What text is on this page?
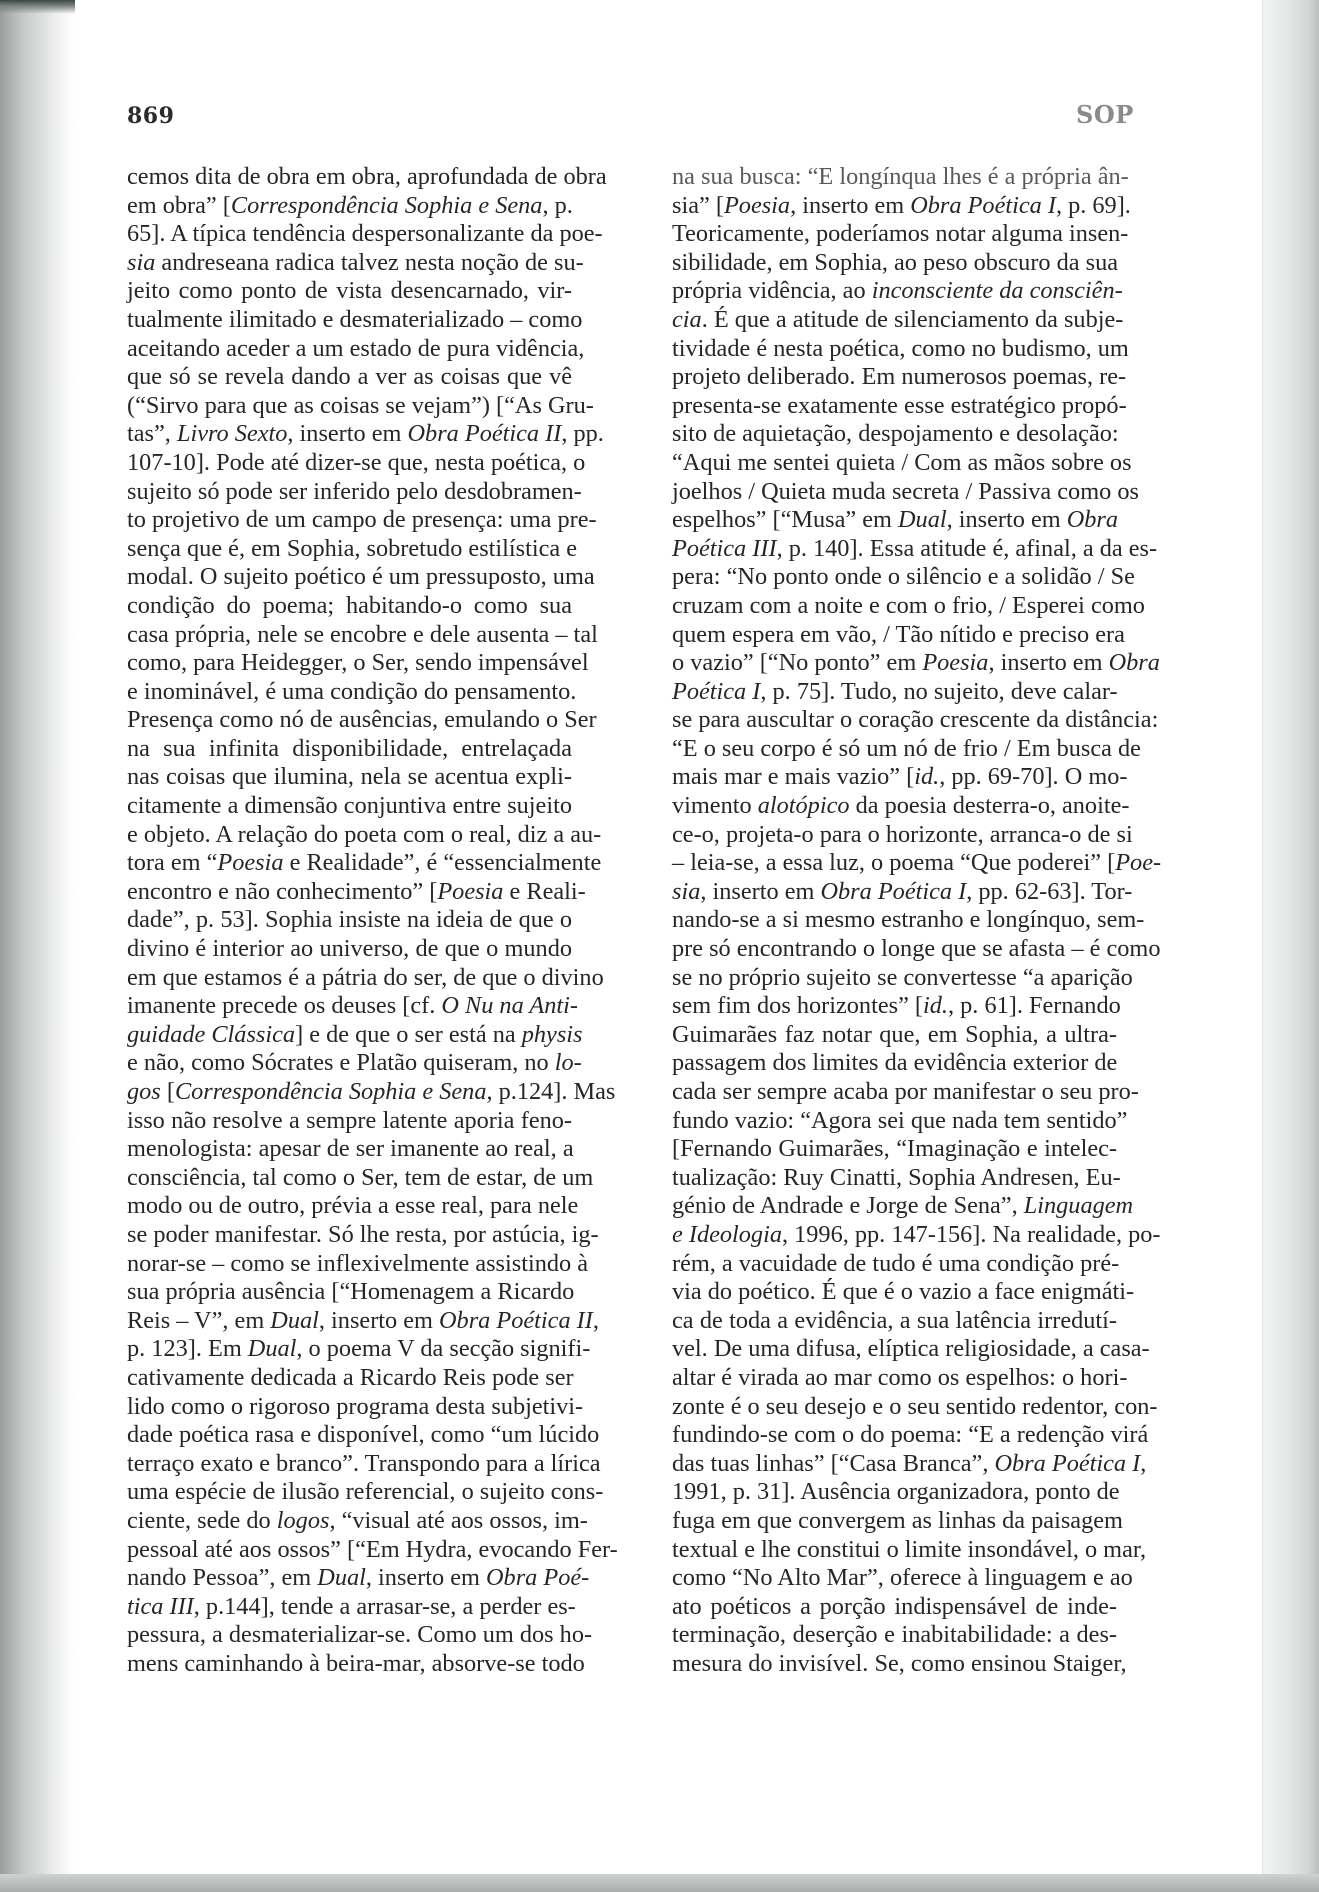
869	SOP
cemos dita de obra em obra, aprofundada de obra
em obra” [Correspondência Sophia e Sena, p.
65]. A típica tendência despersonalizante da poe-
sia andreseana radica talvez nesta noção de su-
jeito como ponto de vista desencarnado, vir-
tualmente ilimitado e desmaterializado – como
aceitando aceder a um estado de pura vidência,
que só se revela dando a ver as coisas que vê
(“Sirvo para que as coisas se vejam”) [“As Gru-
tas”, Livro Sexto, inserto em Obra Poética II, pp.
107-10]. Pode até dizer-se que, nesta poética, o
sujeito só pode ser inferido pelo desdobramen-
to projetivo de um campo de presença: uma pre-
sença que é, em Sophia, sobretudo estilística e
modal. O sujeito poético é um pressuposto, uma
condição do poema; habitando-o como sua
casa própria, nele se encobre e dele ausenta – tal
como, para Heidegger, o Ser, sendo impensável
e inominável, é uma condição do pensamento.
Presença como nó de ausências, emulando o Ser
na sua infinita disponibilidade, entrelaçada
nas coisas que ilumina, nela se acentua expli-
citamente a dimensão conjuntiva entre sujeito
e objeto. A relação do poeta com o real, diz a au-
tora em “Poesia e Realidade”, é “essencialmente
encontro e não conhecimento” [Poesia e Reali-
dade”, p. 53]. Sophia insiste na ideia de que o
divino é interior ao universo, de que o mundo
em que estamos é a pátria do ser, de que o divino
imanente precede os deuses [cf. O Nu na Anti-
guidade Clássica] e de que o ser está na physis
e não, como Sócrates e Platão quiseram, no lo-
gos [Correspondência Sophia e Sena, p.124]. Mas
isso não resolve a sempre latente aporia feno-
menologista: apesar de ser imanente ao real, a
consciência, tal como o Ser, tem de estar, de um
modo ou de outro, prévia a esse real, para nele
se poder manifestar. Só lhe resta, por astúcia, ig-
norar-se – como se inflexivelmente assistindo à
sua própria ausência [“Homenagem a Ricardo
Reis – V”, em Dual, inserto em Obra Poética II,
p. 123]. Em Dual, o poema V da secção signifi-
cativamente dedicada a Ricardo Reis pode ser
lido como o rigoroso programa desta subjetivi-
dade poética rasa e disponível, como “um lúcido
terraço exato e branco”. Transpondo para a lírica
uma espécie de ilusão referencial, o sujeito cons-
ciente, sede do logos, “visual até aos ossos, im-
pessoal até aos ossos” [“Em Hydra, evocando Fer-
nando Pessoa”, em Dual, inserto em Obra Poé-
tica III, p.144], tende a arrasar-se, a perder es-
pessura, a desmaterializar-se. Como um dos ho-
mens caminhando à beira-mar, absorve-se todo
na sua busca: “E longínqua lhes é a própria ân-
sia” [Poesia, inserto em Obra Poética I, p. 69].
Teoricamente, poderíamos notar alguma insen-
sibilidade, em Sophia, ao peso obscuro da sua
própria vidência, ao inconsciente da consciên-
cia. É que a atitude de silenciamento da subje-
tividade é nesta poética, como no budismo, um
projeto deliberado. Em numerosos poemas, re-
presenta-se exatamente esse estratégico propó-
sito de aquietação, despojamento e desolação:
“Aqui me sentei quieta / Com as mãos sobre os
joelhos / Quieta muda secreta / Passiva como os
espelhos” [“Musa” em Dual, inserto em Obra
Poética III, p. 140]. Essa atitude é, afinal, a da es-
pera: “No ponto onde o silêncio e a solidão / Se
cruzam com a noite e com o frio, / Esperei como
quem espera em vão, / Tão nítido e preciso era
o vazio” [“No ponto” em Poesia, inserto em Obra
Poética I, p. 75]. Tudo, no sujeito, deve calar-
se para auscultar o coração crescente da distância:
“E o seu corpo é só um nó de frio / Em busca de
mais mar e mais vazio” [id., pp. 69-70]. O mo-
vimento alotópico da poesia desterra-o, anoite-
ce-o, projeta-o para o horizonte, arranca-o de si
– leia-se, a essa luz, o poema “Que poderei” [Poe-
sia, inserto em Obra Poética I, pp. 62-63]. Tor-
nando-se a si mesmo estranho e longínquo, sem-
pre só encontrando o longe que se afasta – é como
se no próprio sujeito se convertesse “a aparição
sem fim dos horizontes” [id., p. 61]. Fernando
Guimarães faz notar que, em Sophia, a ultra-
passagem dos limites da evidência exterior de
cada ser sempre acaba por manifestar o seu pro-
fundo vazio: “Agora sei que nada tem sentido”
[Fernando Guimarães, “Imaginação e intelec-
tualização: Ruy Cinatti, Sophia Andresen, Eu-
génio de Andrade e Jorge de Sena”, Linguagem
e Ideologia, 1996, pp. 147-156]. Na realidade, po-
rém, a vacuidade de tudo é uma condição pré-
via do poético. É que é o vazio a face enigmáti-
ca de toda a evidência, a sua latência irredutí-
vel. De uma difusa, elíptica religiosidade, a casa-
altar é virada ao mar como os espelhos: o hori-
zonte é o seu desejo e o seu sentido redentor, con-
fundindo-se com o do poema: “E a redenção virá
das tuas linhas” [“Casa Branca”, Obra Poética I,
1991, p. 31]. Ausência organizadora, ponto de
fuga em que convergem as linhas da paisagem
textual e lhe constitui o limite insondável, o mar,
como “No Alto Mar”, oferece à linguagem e ao
ato poéticos a porção indispensável de inde-
terminação, deserção e inabitabilidade: a des-
mesura do invisível. Se, como ensinou Staiger,
